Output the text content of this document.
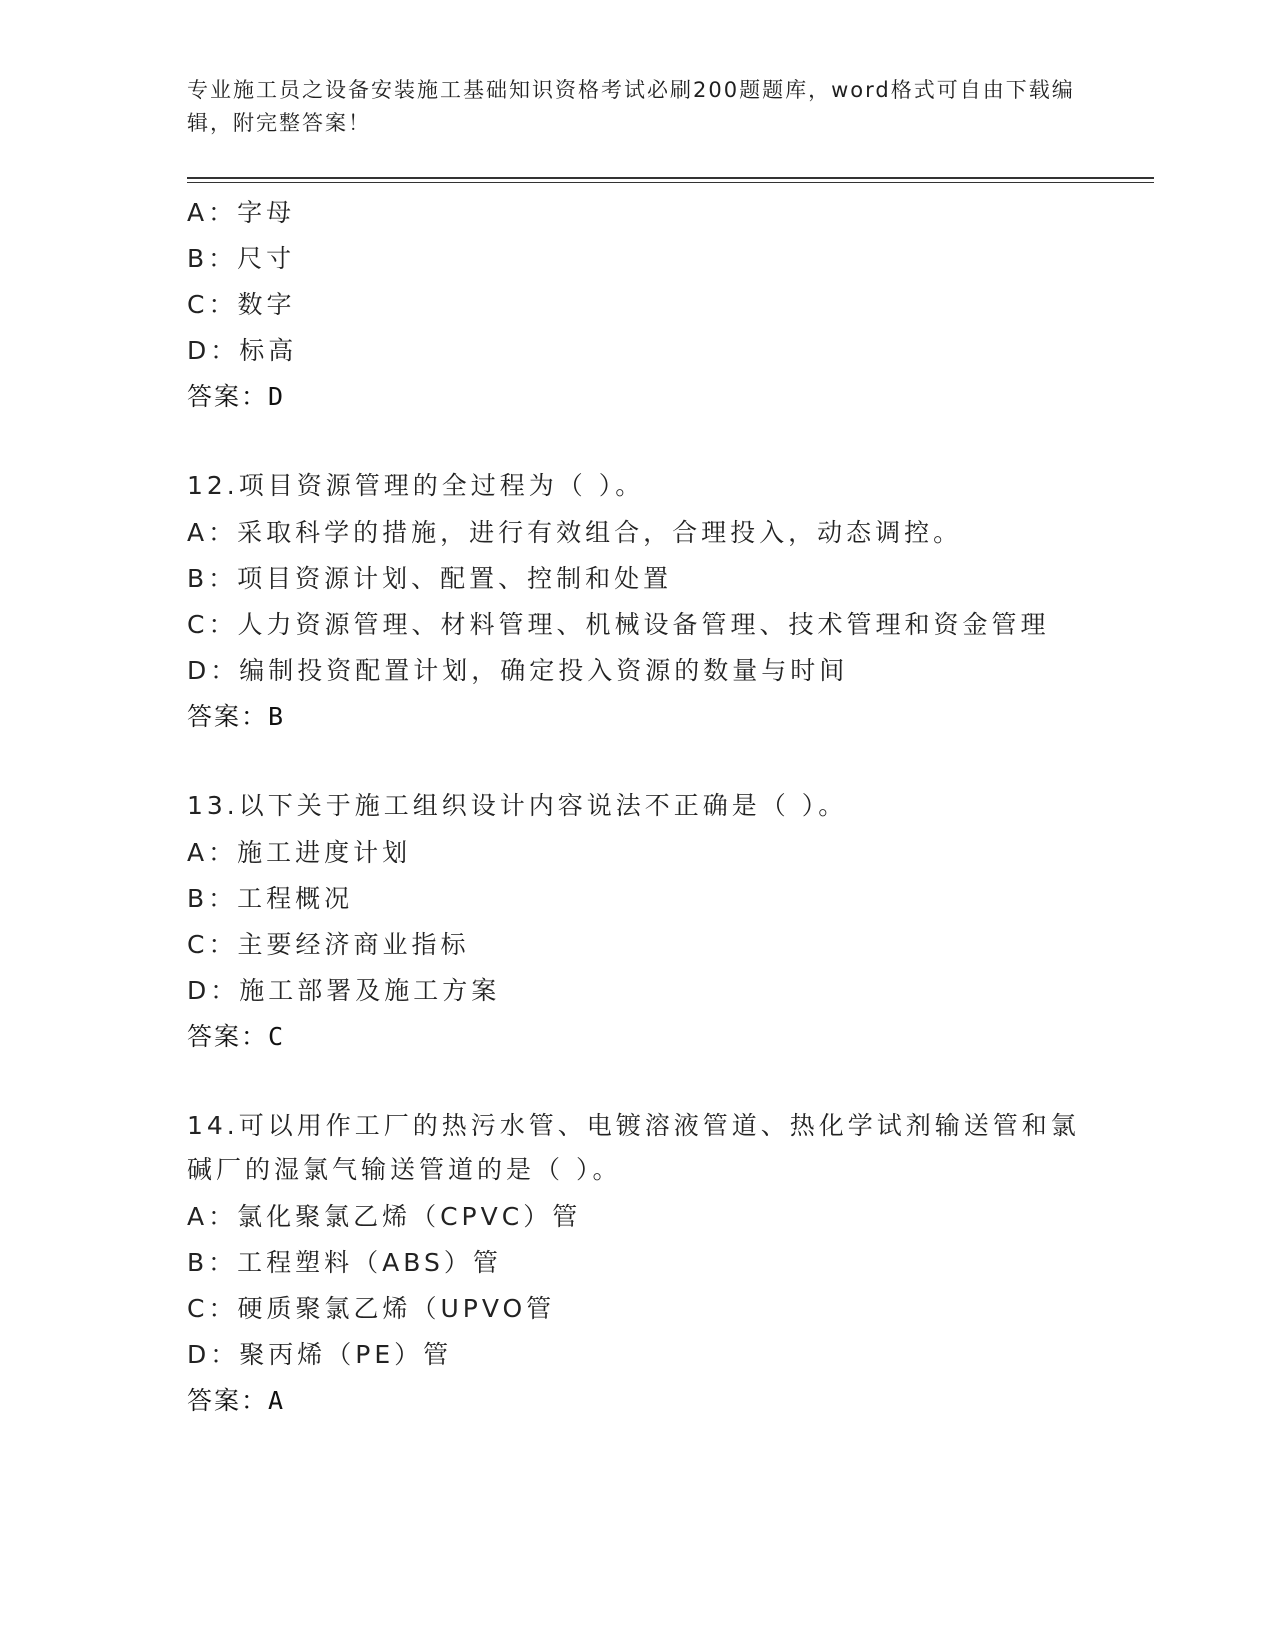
专业施工员之设备安装施工基础知识资格考试必刷200题题库，word格式可自由下载编辑，附完整答案！
A：字母
B：尺寸
C：数字
D：标高
答案：D
12.项目资源管理的全过程为（ ）。
A：采取科学的措施，进行有效组合，合理投入，动态调控。
B：项目资源计划、配置、控制和处置
C：人力资源管理、材料管理、机械设备管理、技术管理和资金管理
D：编制投资配置计划，确定投入资源的数量与时间
答案：B
13.以下关于施工组织设计内容说法不正确是（ ）。
A：施工进度计划
B：工程概况
C：主要经济商业指标
D：施工部署及施工方案
答案：C
14.可以用作工厂的热污水管、电镀溶液管道、热化学试剂输送管和氯碱厂的湿氯气输送管道的是（ ）。
A：氯化聚氯乙烯（CPVC）管
B：工程塑料（ABS）管
C：硬质聚氯乙烯（UPVO管
D：聚丙烯（PE）管
答案：A
